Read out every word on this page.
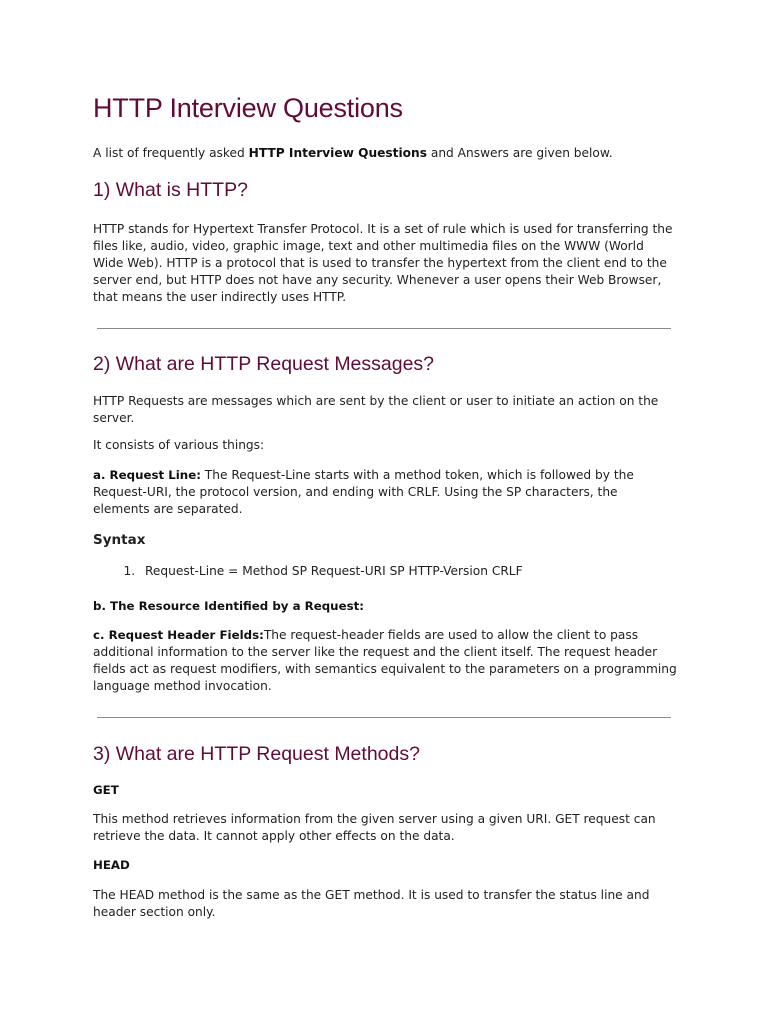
HTTP Interview Questions

A list of frequently asked HTTP Interview Questions and Answers are given below.

1) What is HTTP?

HTTP stands for Hypertext Transfer Protocol. It is a set of rule which is used for transferring the files like, audio, video, graphic image, text and other multimedia files on the WWW (World Wide Web). HTTP is a protocol that is used to transfer the hypertext from the client end to the server end, but HTTP does not have any security. Whenever a user opens their Web Browser, that means the user indirectly uses HTTP.

2) What are HTTP Request Messages?

HTTP Requests are messages which are sent by the client or user to initiate an action on the server.

It consists of various things:

a. Request Line: The Request-Line starts with a method token, which is followed by the Request-URI, the protocol version, and ending with CRLF. Using the SP characters, the elements are separated.

Syntax
1. Request-Line = Method SP Request-URI SP HTTP-Version CRLF

b. The Resource Identified by a Request:

c. Request Header Fields:The request-header fields are used to allow the client to pass additional information to the server like the request and the client itself. The request header fields act as request modifiers, with semantics equivalent to the parameters on a programming language method invocation.

3) What are HTTP Request Methods?

GET

This method retrieves information from the given server using a given URI. GET request can retrieve the data. It cannot apply other effects on the data.

HEAD

The HEAD method is the same as the GET method. It is used to transfer the status line and header section only.
